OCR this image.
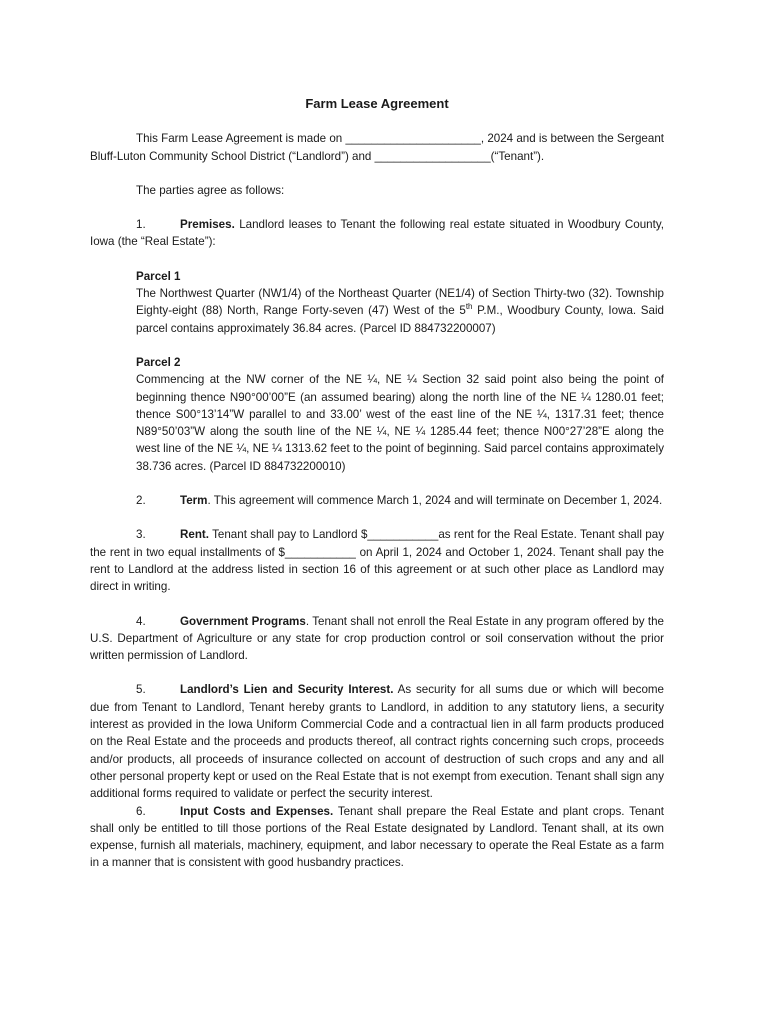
Farm Lease Agreement

This Farm Lease Agreement is made on _____________________, 2024 and is between the Sergeant Bluff-Luton Community School District (“Landlord”) and __________________(“Tenant”).

The parties agree as follows:

1.	Premises. Landlord leases to Tenant the following real estate situated in Woodbury County, Iowa (the “Real Estate”):

Parcel 1

The Northwest Quarter (NW1/4) of the Northeast Quarter (NE1/4) of Section Thirty-two (32). Township Eighty-eight (88) North, Range Forty-seven (47) West of the 5th P.M., Woodbury County, Iowa. Said parcel contains approximately 36.84 acres. (Parcel ID 884732200007)

Parcel 2

Commencing at the NW corner of the NE ¼, NE ¼ Section 32 said point also being the point of beginning thence N90°00’00”E (an assumed bearing) along the north line of the NE ¼ 1280.01 feet; thence S00°13’14”W parallel to and 33.00’ west of the east line of the NE ¼, 1317.31 feet; thence N89°50’03”W along the south line of the NE ¼, NE ¼ 1285.44 feet; thence N00°27’28”E along the west line of the NE ¼, NE ¼ 1313.62 feet to the point of beginning. Said parcel contains approximately 38.736 acres. (Parcel ID 884732200010)

2.	Term. This agreement will commence March 1, 2024 and will terminate on December 1, 2024.

3.	Rent. Tenant shall pay to Landlord $___________as rent for the Real Estate. Tenant shall pay the rent in two equal installments of $___________ on April 1, 2024 and October 1, 2024. Tenant shall pay the rent to Landlord at the address listed in section 16 of this agreement or at such other place as Landlord may direct in writing.

4.	Government Programs. Tenant shall not enroll the Real Estate in any program offered by the U.S. Department of Agriculture or any state for crop production control or soil conservation without the prior written permission of Landlord.

5.	Landlord’s Lien and Security Interest. As security for all sums due or which will become due from Tenant to Landlord, Tenant hereby grants to Landlord, in addition to any statutory liens, a security interest as provided in the Iowa Uniform Commercial Code and a contractual lien in all farm products produced on the Real Estate and the proceeds and products thereof, all contract rights concerning such crops, proceeds and/or products, all proceeds of insurance collected on account of destruction of such crops and any and all other personal property kept or used on the Real Estate that is not exempt from execution. Tenant shall sign any additional forms required to validate or perfect the security interest.

6.	Input Costs and Expenses. Tenant shall prepare the Real Estate and plant crops. Tenant shall only be entitled to till those portions of the Real Estate designated by Landlord. Tenant shall, at its own expense, furnish all materials, machinery, equipment, and labor necessary to operate the Real Estate as a farm in a manner that is consistent with good husbandry practices.
